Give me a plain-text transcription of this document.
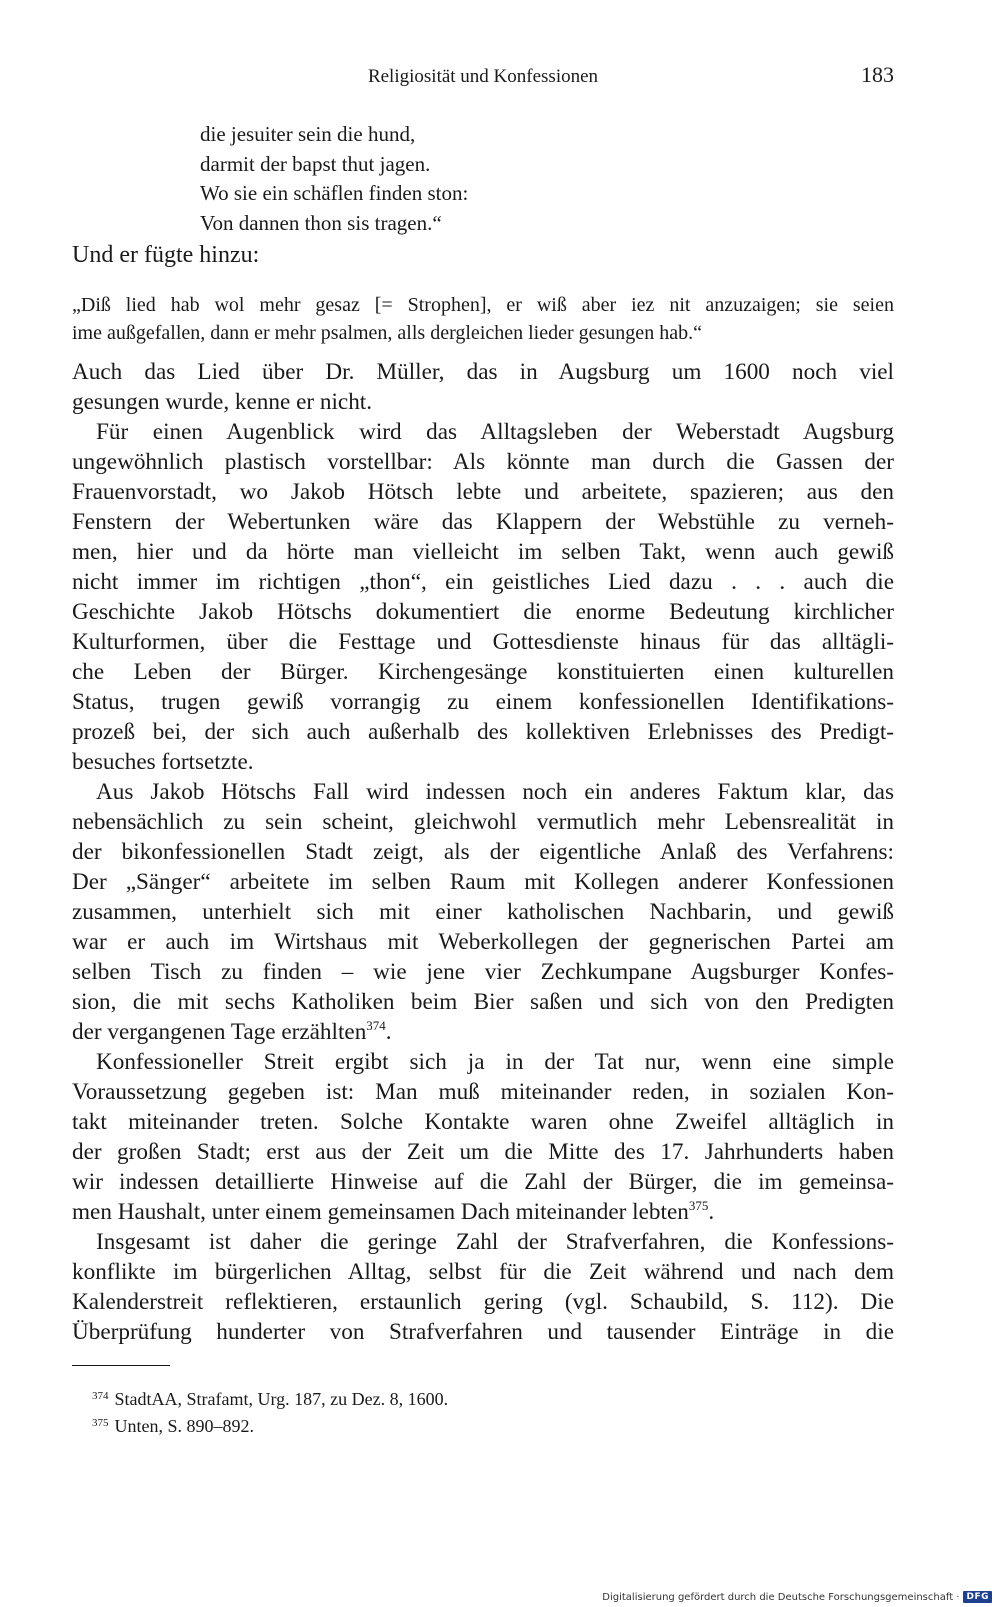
Religiosität und Konfessionen	183
die jesuiter sein die hund,
darmit der bapst thut jagen.
Wo sie ein schäflen finden ston:
Von dannen thon sis tragen.“
Und er fügte hinzu:
„Diß lied hab wol mehr gesaz [= Strophen], er wiß aber iez nit anzuzaigen; sie seien
ime außgefallen, dann er mehr psalmen, alls dergleichen lieder gesungen hab.“
Auch das Lied über Dr. Müller, das in Augsburg um 1600 noch viel
gesungen wurde, kenne er nicht.
Für einen Augenblick wird das Alltagsleben der Weberstadt Augsburg
ungewöhnlich plastisch vorstellbar: Als könnte man durch die Gassen der
Frauenvorstadt, wo Jakob Hötsch lebte und arbeitete, spazieren; aus den
Fenstern der Webertunken wäre das Klappern der Webstühle zu verneh-
men, hier und da hörte man vielleicht im selben Takt, wenn auch gewiß
nicht immer im richtigen „thon“, ein geistliches Lied dazu . . . auch die
Geschichte Jakob Hötschs dokumentiert die enorme Bedeutung kirchlicher
Kulturformen, über die Festtage und Gottesdienste hinaus für das alltägli-
che Leben der Bürger. Kirchengesänge konstituierten einen kulturellen
Status, trugen gewiß vorrangig zu einem konfessionellen Identifikations-
prozeß bei, der sich auch außerhalb des kollektiven Erlebnisses des Predigt-
besuches fortsetzte.
Aus Jakob Hötschs Fall wird indessen noch ein anderes Faktum klar, das
nebensächlich zu sein scheint, gleichwohl vermutlich mehr Lebensrealität in
der bikonfessionellen Stadt zeigt, als der eigentliche Anlaß des Verfahrens:
Der „Sänger“ arbeitete im selben Raum mit Kollegen anderer Konfessionen
zusammen, unterhielt sich mit einer katholischen Nachbarin, und gewiß
war er auch im Wirtshaus mit Weberkollegen der gegnerischen Partei am
selben Tisch zu finden – wie jene vier Zechkumpane Augsburger Konfes-
sion, die mit sechs Katholiken beim Bier saßen und sich von den Predigten
der vergangenen Tage erzählten$^{374}$.
Konfessioneller Streit ergibt sich ja in der Tat nur, wenn eine simple
Voraussetzung gegeben ist: Man muß miteinander reden, in sozialen Kon-
takt miteinander treten. Solche Kontakte waren ohne Zweifel alltäglich in
der großen Stadt; erst aus der Zeit um die Mitte des 17. Jahrhunderts haben
wir indessen detaillierte Hinweise auf die Zahl der Bürger, die im gemeinsa-
men Haushalt, unter einem gemeinsamen Dach miteinander lebten$^{375}$.
Insgesamt ist daher die geringe Zahl der Strafverfahren, die Konfessions-
konflikte im bürgerlichen Alltag, selbst für die Zeit während und nach dem
Kalenderstreit reflektieren, erstaunlich gering (vgl. Schaubild, S. 112). Die
Überprüfung hunderter von Strafverfahren und tausender Einträge in die
$^{374}$ StadtAA, Strafamt, Urg. 187, zu Dez. 8, 1600.
$^{375}$ Unten, S. 890–892.
Digitalisierung gefördert durch die Deutsche Forschungsgemeinschaft · DFG
